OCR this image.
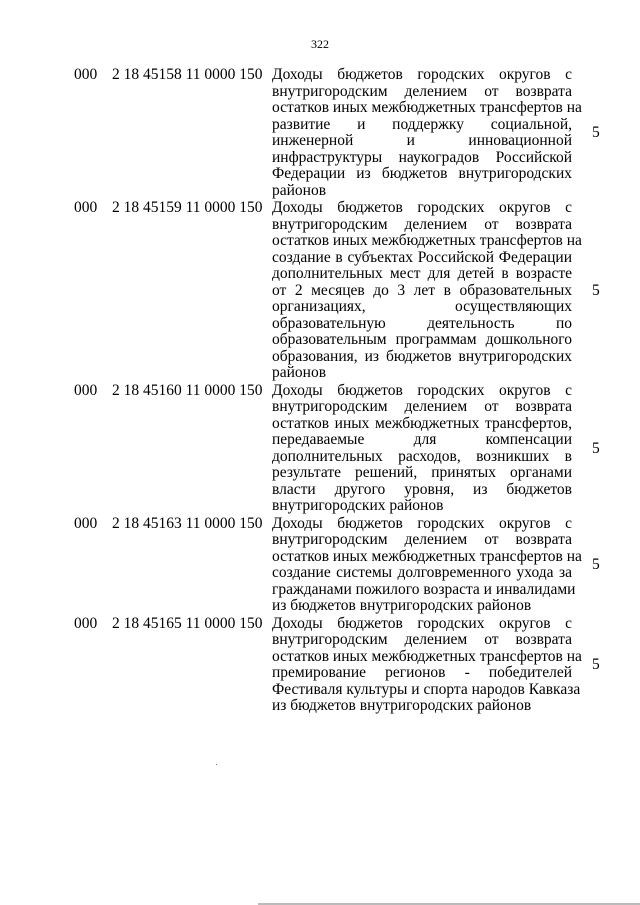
322
000 2 18 45158 11 0000 150 Доходы бюджетов городских округов с
внутригородским делением от возврата
остатков иных межбюджетных трансфертов на
развитие и поддержку социальной,
инженерной и инновационной
инфраструктуры наукоградов Российской
Федерации из бюджетов внутригородских
районов
5
000 2 18 45159 11 0000 150 Доходы бюджетов городских округов с
внутригородским делением от возврата
остатков иных межбюджетных трансфертов на
создание в субъектах Российской Федерации
дополнительных мест для детей в возрасте
от 2 месяцев до 3 лет в образовательных
организациях, осуществляющих
образовательную деятельность по
образовательным программам дошкольного
образования, из бюджетов внутригородских
районов
5
000 2 18 45160 11 0000 150 Доходы бюджетов городских округов с
внутригородским делением от возврата
остатков иных межбюджетных трансфертов,
передаваемые для компенсации
дополнительных расходов, возникших в
результате решений, принятых органами
власти другого уровня, из бюджетов
внутригородских районов
5
000 2 18 45163 11 0000 150 Доходы бюджетов городских округов с
внутригородским делением от возврата
остатков иных межбюджетных трансфертов на
создание системы долговременного ухода за
гражданами пожилого возраста и инвалидами
из бюджетов внутригородских районов
5
000 2 18 45165 11 0000 150 Доходы бюджетов городских округов с
внутригородским делением от возврата
остатков иных межбюджетных трансфертов на
премирование регионов - победителей
Фестиваля культуры и спорта народов Кавказа
из бюджетов внутригородских районов
5
